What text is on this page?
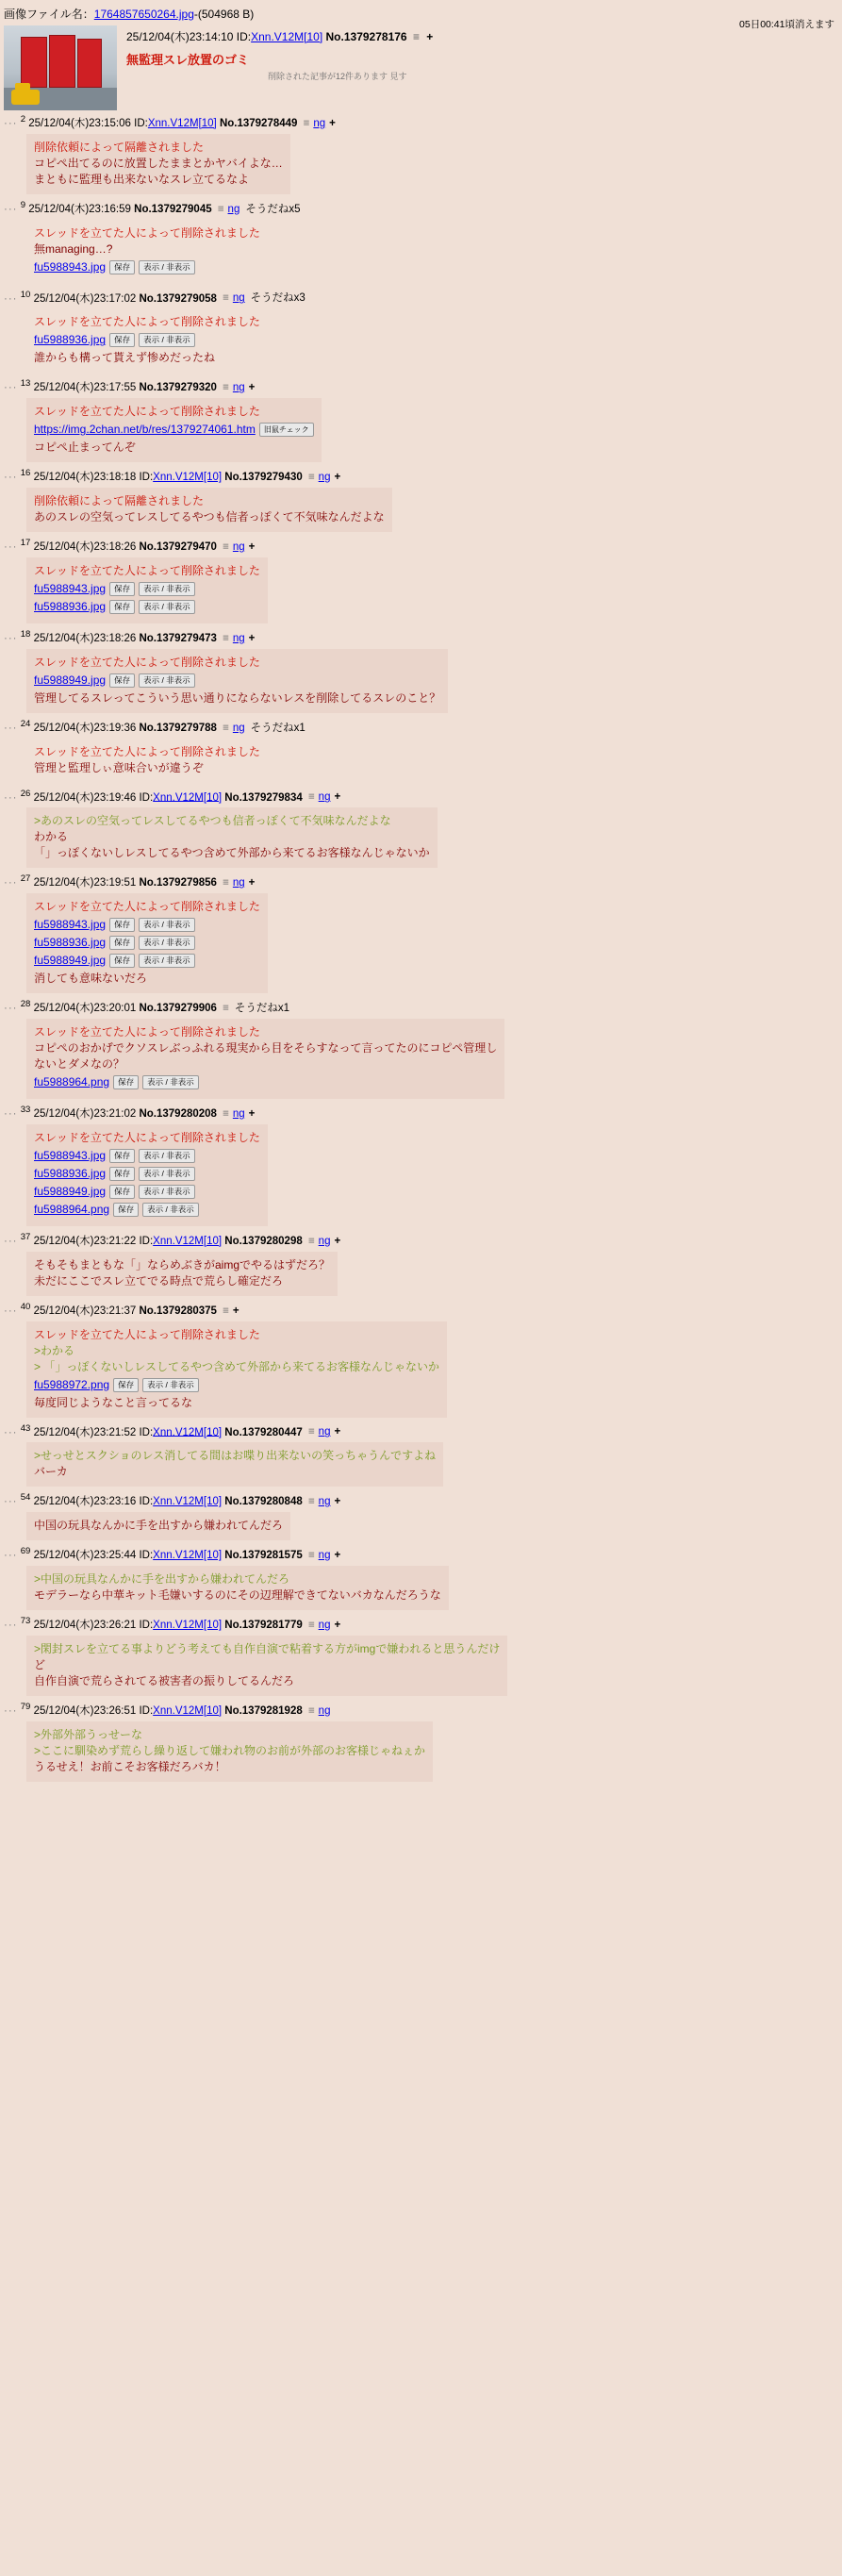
画像ファイル名：1764857650264.jpg-(504968 B)
05日00:41頃消えます
25/12/04(木)23:14:10 ID:Xnn.V12M[10] No.1379278176 ≡ +
無監理スレ放置のゴミ
削除された記事が12件あります 見す
··· $^2$ 25/12/04(木)23:15:06 ID:Xnn.V12M[10] No.1379278449 ≡ ng +
削除依頼によって隔離されました
コピペ出てるのに放置したままとかヤバイよな…
まともに監理も出来ないなスレ立てるなよ
··· $^9$ 25/12/04(木)23:16:59 No.1379279045 ≡ ng そうだねx5
スレッドを立てた人によって削除されました
無managing…?
fu5988943.jpg	保存	表示 / 非表示
··· $^{10}$ 25/12/04(木)23:17:02 No.1379279058 ≡ ng そうだねx3
スレッドを立てた人によって削除されました
fu5988936.jpg	保存	表示 / 非表示
誰からも構って貰えず惨めだったね
··· $^{13}$ 25/12/04(木)23:17:55 No.1379279320 ≡ ng +
スレッドを立てた人によって削除されました
https://img.2chan.net/b/res/1379274061.htm	旧鼠チェック
コピペ止まってんぞ
··· $^{16}$ 25/12/04(木)23:18:18 ID:Xnn.V12M[10] No.1379279430 ≡ ng +
削除依頼によって隔離されました
あのスレの空気ってレスしてるやつも信者っぽくて不気味なんだよな
··· $^{17}$ 25/12/04(木)23:18:26 No.1379279470 ≡ ng +
スレッドを立てた人によって削除されました
fu5988943.jpg	保存	表示 / 非表示
fu5988936.jpg	保存	表示 / 非表示
··· $^{18}$ 25/12/04(木)23:18:26 No.1379279473 ≡ ng +
スレッドを立てた人によって削除されました
fu5988949.jpg	保存	表示 / 非表示
管理してるスレってこういう思い通りにならないレスを削除してるスレのこと？
··· $^{24}$ 25/12/04(木)23:19:36 No.1379279788 ≡ ng そうだねx1
スレッドを立てた人によって削除されました
管理と監理しぃ意味合いが違うぞ
··· $^{26}$ 25/12/04(木)23:19:46 ID:Xnn.V12M[10] No.1379279834 ≡ ng +
>あのスレの空気ってレスしてるやつも信者っぽくて不気味なんだよな
わかる
「」っぽくないしレスしてるやつ含めて外部から来てるお客様なんじゃないか
··· $^{27}$ 25/12/04(木)23:19:51 No.1379279856 ≡ ng +
スレッドを立てた人によって削除されました
fu5988943.jpg	保存	表示 / 非表示
fu5988936.jpg	保存	表示 / 非表示
fu5988949.jpg	保存	表示 / 非表示
消しても意味ないだろ
··· $^{28}$ 25/12/04(木)23:20:01 No.1379279906 ≡ そうだねx1
スレッドを立てた人によって削除されました
コピペのおかげでクソスレぶっふれる現実から目をそらすなって言ってたのにコピペ管理し
ないとダメなの？
fu5988964.png	保存	表示 / 非表示
··· $^{33}$ 25/12/04(木)23:21:02 No.1379280208 ≡ ng +
スレッドを立てた人によって削除されました
fu5988943.jpg	保存	表示 / 非表示
fu5988936.jpg	保存	表示 / 非表示
fu5988949.jpg	保存	表示 / 非表示
fu5988964.png	保存	表示 / 非表示
··· $^{37}$ 25/12/04(木)23:21:22 ID:Xnn.V12M[10] No.1379280298 ≡ ng +
そもそもまともな「」ならめぶきがaimgでやるはずだろ？
未だにここでスレ立てでる時点で荒らし確定だろ
··· $^{40}$ 25/12/04(木)23:21:37 No.1379280375 ≡ +
スレッドを立てた人によって削除されました
>わかる
> 「」っぽくないしレスしてるやつ含めて外部から来てるお客様なんじゃないか
fu5988972.png	保存	表示 / 非表示
毎度同じようなこと言ってるな
··· $^{43}$ 25/12/04(木)23:21:52 ID:Xnn.V12M[10] No.1379280447 ≡ ng +
>せっせとスクショのレス消してる間はお喋り出来ないの笑っちゃうんですよね
バーカ
··· $^{54}$ 25/12/04(木)23:23:16 ID:Xnn.V12M[10] No.1379280848 ≡ ng +
中国の玩具なんかに手を出すから嫌われてんだろ
··· $^{69}$ 25/12/04(木)23:25:44 ID:Xnn.V12M[10] No.1379281575 ≡ ng +
>中国の玩具なんかに手を出すから嫌われてんだろ
モデラーなら中華キット毛嫌いするのにその辺理解できてないバカなんだろうな
··· $^{73}$ 25/12/04(木)23:26:21 ID:Xnn.V12M[10] No.1379281779 ≡ ng +
>閑封スレを立てる事よりどう考えても自作自演で粘着する方がimgで嫌われると思うんだけ
ど
自作自演で荒らされてる被害者の振りしてるんだろ
··· $^{79}$ 25/12/04(木)23:26:51 ID:Xnn.V12M[10] No.1379281928 ≡ ng
>外部外部うっせーな
>ここに馴染めず荒らし繰り返して嫌われ物のお前が外部のお客様じゃねぇか
うるせえ！お前こそお客様だろバカ！
